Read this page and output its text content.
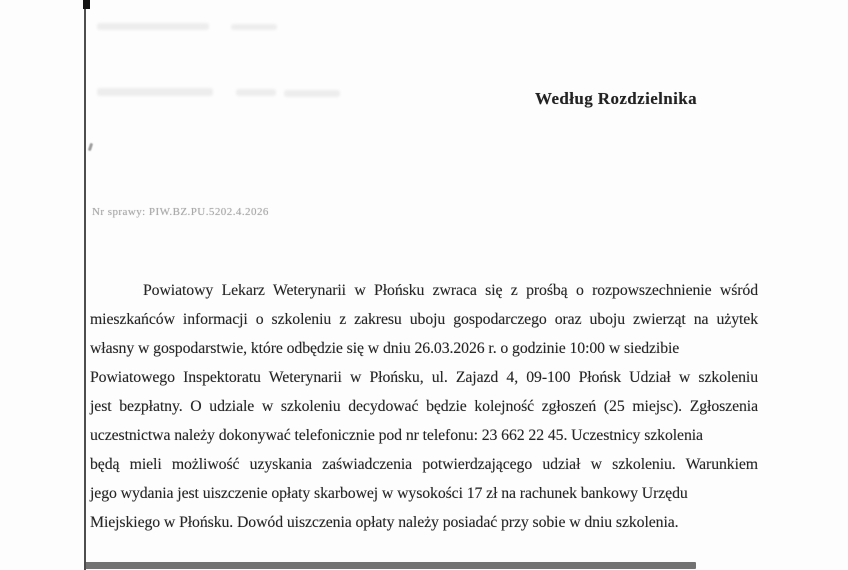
Według Rozdzielnika
Nr sprawy: PIW.BZ.PU.5202.4.2026
Powiatowy Lekarz Weterynarii w Płońsku zwraca się z prośbą o rozpowszechnienie wśród
mieszkańców informacji o szkoleniu z zakresu uboju gospodarczego oraz uboju zwierząt na użytek
własny w gospodarstwie, które odbędzie się w dniu 26.03.2026 r. o godzinie 10:00 w siedzibie
Powiatowego Inspektoratu Weterynarii w Płońsku, ul. Zajazd 4, 09-100 Płońsk Udział w szkoleniu
jest bezpłatny. O udziale w szkoleniu decydować będzie kolejność zgłoszeń (25 miejsc). Zgłoszenia
uczestnictwa należy dokonywać telefonicznie pod nr telefonu: 23 662 22 45. Uczestnicy szkolenia
będą mieli możliwość uzyskania zaświadczenia potwierdzającego udział w szkoleniu. Warunkiem
jego wydania jest uiszczenie opłaty skarbowej w wysokości 17 zł na rachunek bankowy Urzędu
Miejskiego w Płońsku. Dowód uiszczenia opłaty należy posiadać przy sobie w dniu szkolenia.
